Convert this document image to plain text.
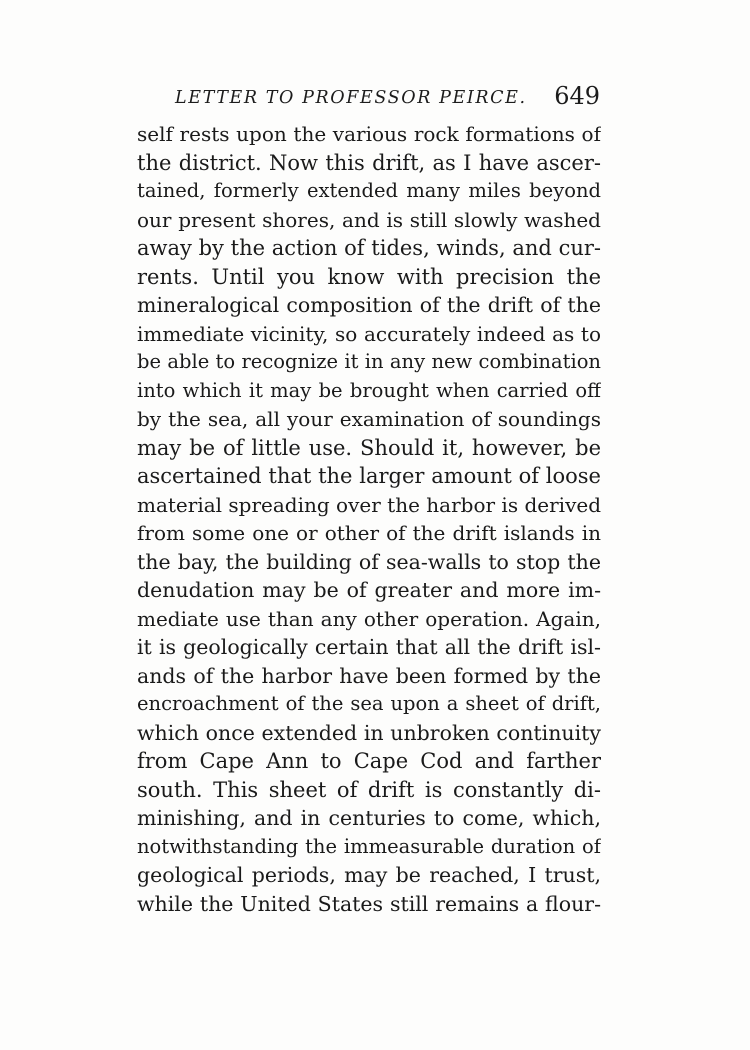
LETTER TO PROFESSOR PEIRCE. 649
self rests upon the various rock formations of
the district. Now this drift, as I have ascer-
tained, formerly extended many miles beyond
our present shores, and is still slowly washed
away by the action of tides, winds, and cur-
rents. Until you know with precision the
mineralogical composition of the drift of the
immediate vicinity, so accurately indeed as to
be able to recognize it in any new combination
into which it may be brought when carried off
by the sea, all your examination of soundings
may be of little use. Should it, however, be
ascertained that the larger amount of loose
material spreading over the harbor is derived
from some one or other of the drift islands in
the bay, the building of sea-walls to stop the
denudation may be of greater and more im-
mediate use than any other operation. Again,
it is geologically certain that all the drift isl-
ands of the harbor have been formed by the
encroachment of the sea upon a sheet of drift,
which once extended in unbroken continuity
from Cape Ann to Cape Cod and farther
south. This sheet of drift is constantly di-
minishing, and in centuries to come, which,
notwithstanding the immeasurable duration of
geological periods, may be reached, I trust,
while the United States still remains a flour-
